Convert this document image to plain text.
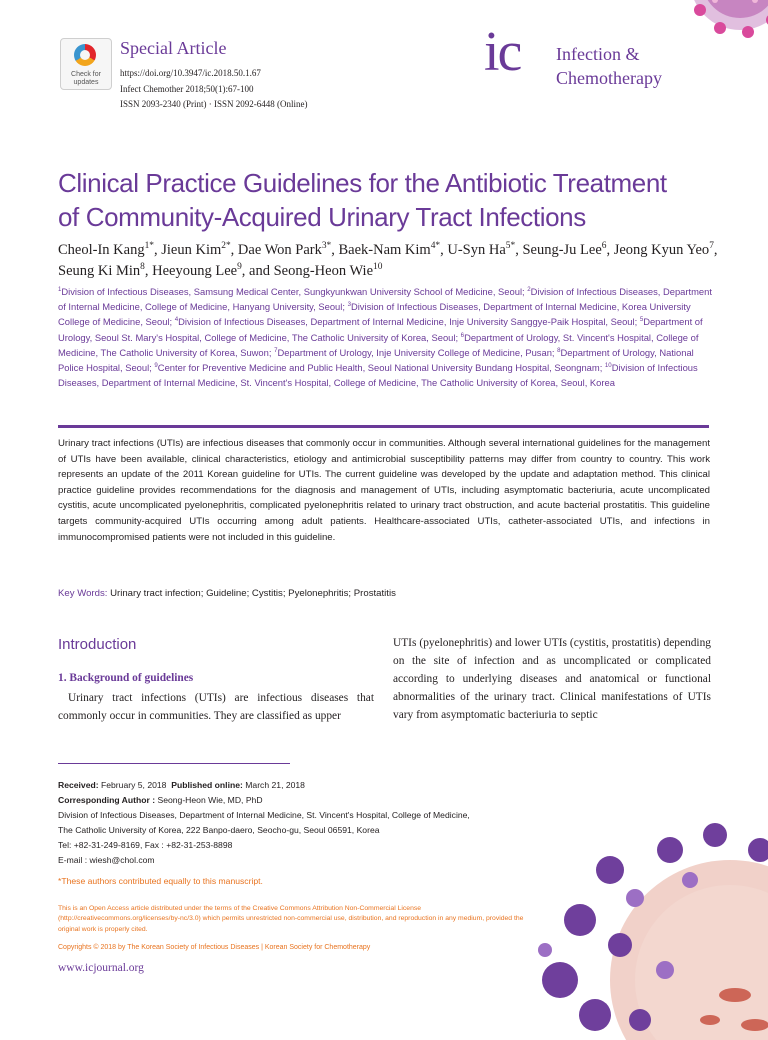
Check for updates
Special Article
https://doi.org/10.3947/ic.2018.50.1.67
Infect Chemother 2018;50(1):67-100
ISSN 2093-2340 (Print) · ISSN 2092-6448 (Online)
ic Infection &
Chemotherapy
Clinical Practice Guidelines for the Antibiotic Treatment
of Community-Acquired Urinary Tract Infections
Cheol-In Kang$^{1*}$, Jieun Kim$^{2*}$, Dae Won Park$^{3*}$, Baek-Nam Kim$^{4*}$, U-Syn $Ha^{5*}$, Seung-Ju Lee$^6$, Jeong Kyun Yeo$^7$, Seung Ki Min$^8$, Heeyoung Lee$^9$, and Seong-Heon Wie$^{10}$
$^1$Division of Infectious Diseases, Samsung Medical Center, Sungkyunkwan University School of Medicine, Seoul; $^2$Division of Infectious Diseases, Department of Internal Medicine, College of Medicine, Hanyang University, Seoul; $^3$Division of Infectious Diseases, Department of Internal Medicine, Korea University College of Medicine, Seoul; $^4$Division of Infectious Diseases, Department of Internal Medicine, Inje University Sanggye-Paik Hospital, Seoul; $^5$Department of Urology, Seoul St. Mary's Hospital, College of Medicine, The Catholic University of Korea, Seoul; $^6$Department of Urology, St. Vincent's Hospital, College of Medicine, The Catholic University of Korea, Suwon; $^7$Department of Urology, Inje University College of Medicine, Pusan; $^8$Department of Urology, National Police Hospital, Seoul; $^9$Center for Preventive Medicine and Public Health, Seoul National University Bundang Hospital, Seongnam; $^{10}$Division of Infectious Diseases, Department of Internal Medicine, St. Vincent's Hospital, College of Medicine, The Catholic University of Korea, Seoul, Korea
Urinary tract infections (UTIs) are infectious diseases that commonly occur in communities. Although several international guidelines for the management of UTIs have been available, clinical characteristics, etiology and antimicrobial susceptibility patterns may differ from country to country. This work represents an update of the 2011 Korean guideline for UTIs. The current guideline was developed by the update and adaptation method. This clinical practice guideline provides recommendations for the diagnosis and management of UTIs, including asymptomatic bacteriuria, acute uncomplicated cystitis, acute uncomplicated pyelonephritis, complicated pyelonephritis related to urinary tract obstruction, and acute bacterial prostatitis. This guideline targets community-acquired UTIs occurring among adult patients. Healthcare-associated UTIs, catheter-associated UTIs, and infections in immunocompromised patients were not included in this guideline.
Key Words: Urinary tract infection; Guideline; Cystitis; Pyelonephritis; Prostatitis
Introduction
1. Background of guidelines
Urinary tract infections (UTIs) are infectious diseases that commonly occur in communities. They are classified as upper
UTIs (pyelonephritis) and lower UTIs (cystitis, prostatitis) depending on the site of infection and as uncomplicated or complicated according to underlying diseases and anatomical or functional abnormalities of the urinary tract. Clinical manifestations of UTIs vary from asymptomatic bacteriuria to septic
Received: February 5, 2018 Published online: March 21, 2018
Corresponding Author : Seong-Heon Wie, MD, PhD
Division of Infectious Diseases, Department of Internal Medicine, St. Vincent's Hospital, College of Medicine,
The Catholic University of Korea, 222 Banpo-daero, Seocho-gu, Seoul 06591, Korea
Tel: +82-31-249-8169, Fax : +82-31-253-8898
E-mail : wiesh@chol.com
*These authors contributed equally to this manuscript.
This is an Open Access article distributed under the terms of the Creative Commons Attribution Non-Commercial License (http://creativecommons.org/licenses/by-nc/3.0) which permits unrestricted non-commercial use, distribution, and reproduction in any medium, provided the original work is properly cited.
Copyrights © 2018 by The Korean Society of Infectious Diseases | Korean Society for Chemotherapy
www.icjournal.org
